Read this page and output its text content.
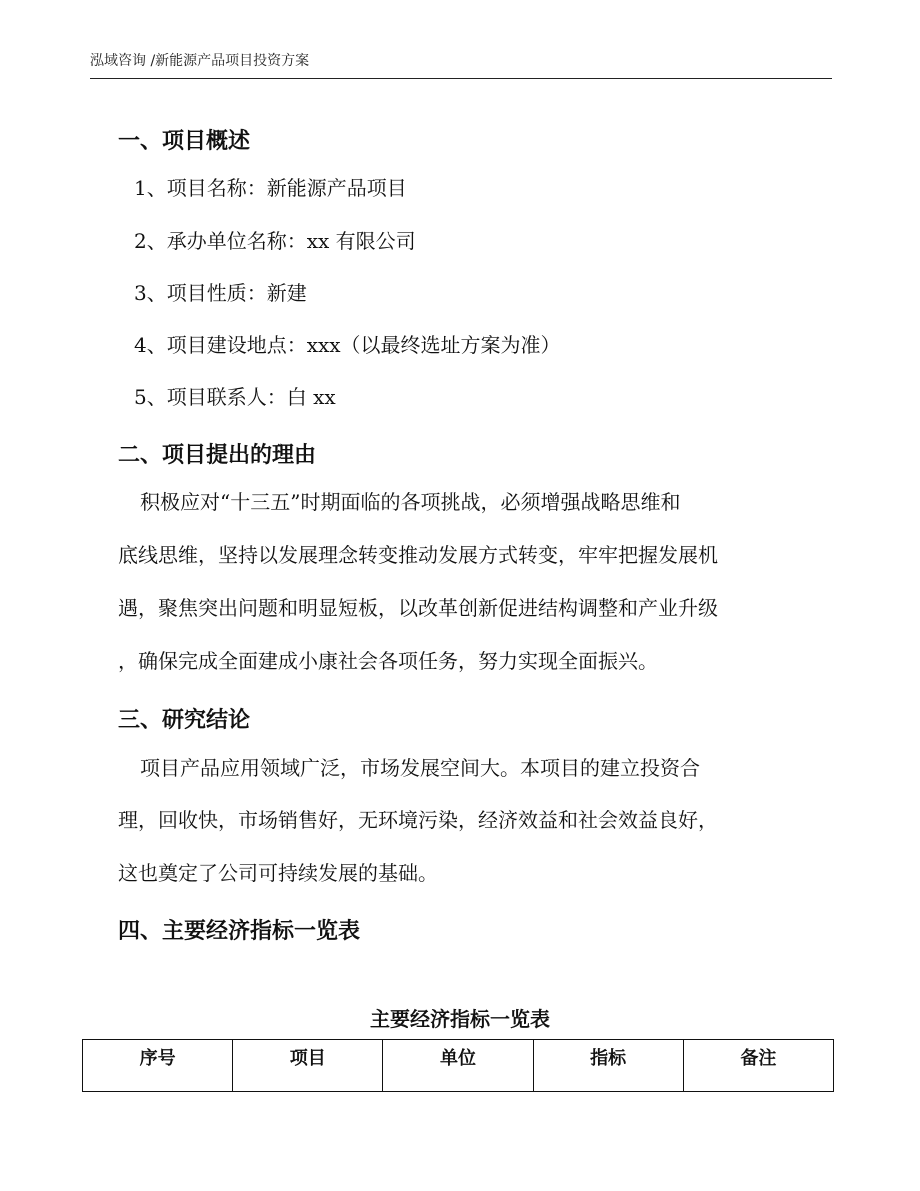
泓域咨询 /新能源产品项目投资方案
一、项目概述
1、项目名称：新能源产品项目
2、承办单位名称：xx 有限公司
3、项目性质：新建
4、项目建设地点：xxx（以最终选址方案为准）
5、项目联系人：白 xx
二、项目提出的理由
积极应对“十三五”时期面临的各项挑战，必须增强战略思维和
底线思维，坚持以发展理念转变推动发展方式转变，牢牢把握发展机
遇，聚焦突出问题和明显短板，以改革创新促进结构调整和产业升级
，确保完成全面建成小康社会各项任务，努力实现全面振兴。
三、研究结论
项目产品应用领域广泛，市场发展空间大。本项目的建立投资合
理，回收快，市场销售好，无环境污染，经济效益和社会效益良好，
这也奠定了公司可持续发展的基础。
四、主要经济指标一览表
主要经济指标一览表
序号	项目	单位	指标	备注
